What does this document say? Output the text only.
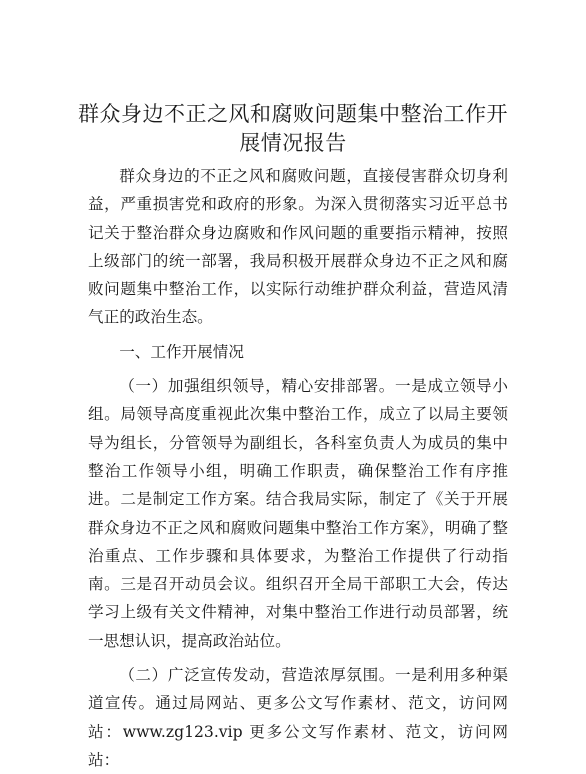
群众身边不正之风和腐败问题集中整治工作开
展情况报告

群众身边的不正之风和腐败问题，直接侵害群众切身利益，严重损害党和政府的形象。为深入贯彻落实习近平总书记关于整治群众身边腐败和作风问题的重要指示精神，按照上级部门的统一部署，我局积极开展群众身边不正之风和腐败问题集中整治工作，以实际行动维护群众利益，营造风清气正的政治生态。

一、工作开展情况

（一）加强组织领导，精心安排部署。一是成立领导小组。局领导高度重视此次集中整治工作，成立了以局主要领导为组长，分管领导为副组长，各科室负责人为成员的集中整治工作领导小组，明确工作职责，确保整治工作有序推进。二是制定工作方案。结合我局实际，制定了《关于开展群众身边不正之风和腐败问题集中整治工作方案》，明确了整治重点、工作步骤和具体要求，为整治工作提供了行动指南。三是召开动员会议。组织召开全局干部职工大会，传达学习上级有关文件精神，对集中整治工作进行动员部署，统一思想认识，提高政治站位。

（二）广泛宣传发动，营造浓厚氛围。一是利用多种渠道宣传。通过局网站、更多公文写作素材、范文，访问网站：www.zg123.vip 更多公文写作素材、范文，访问网站：
